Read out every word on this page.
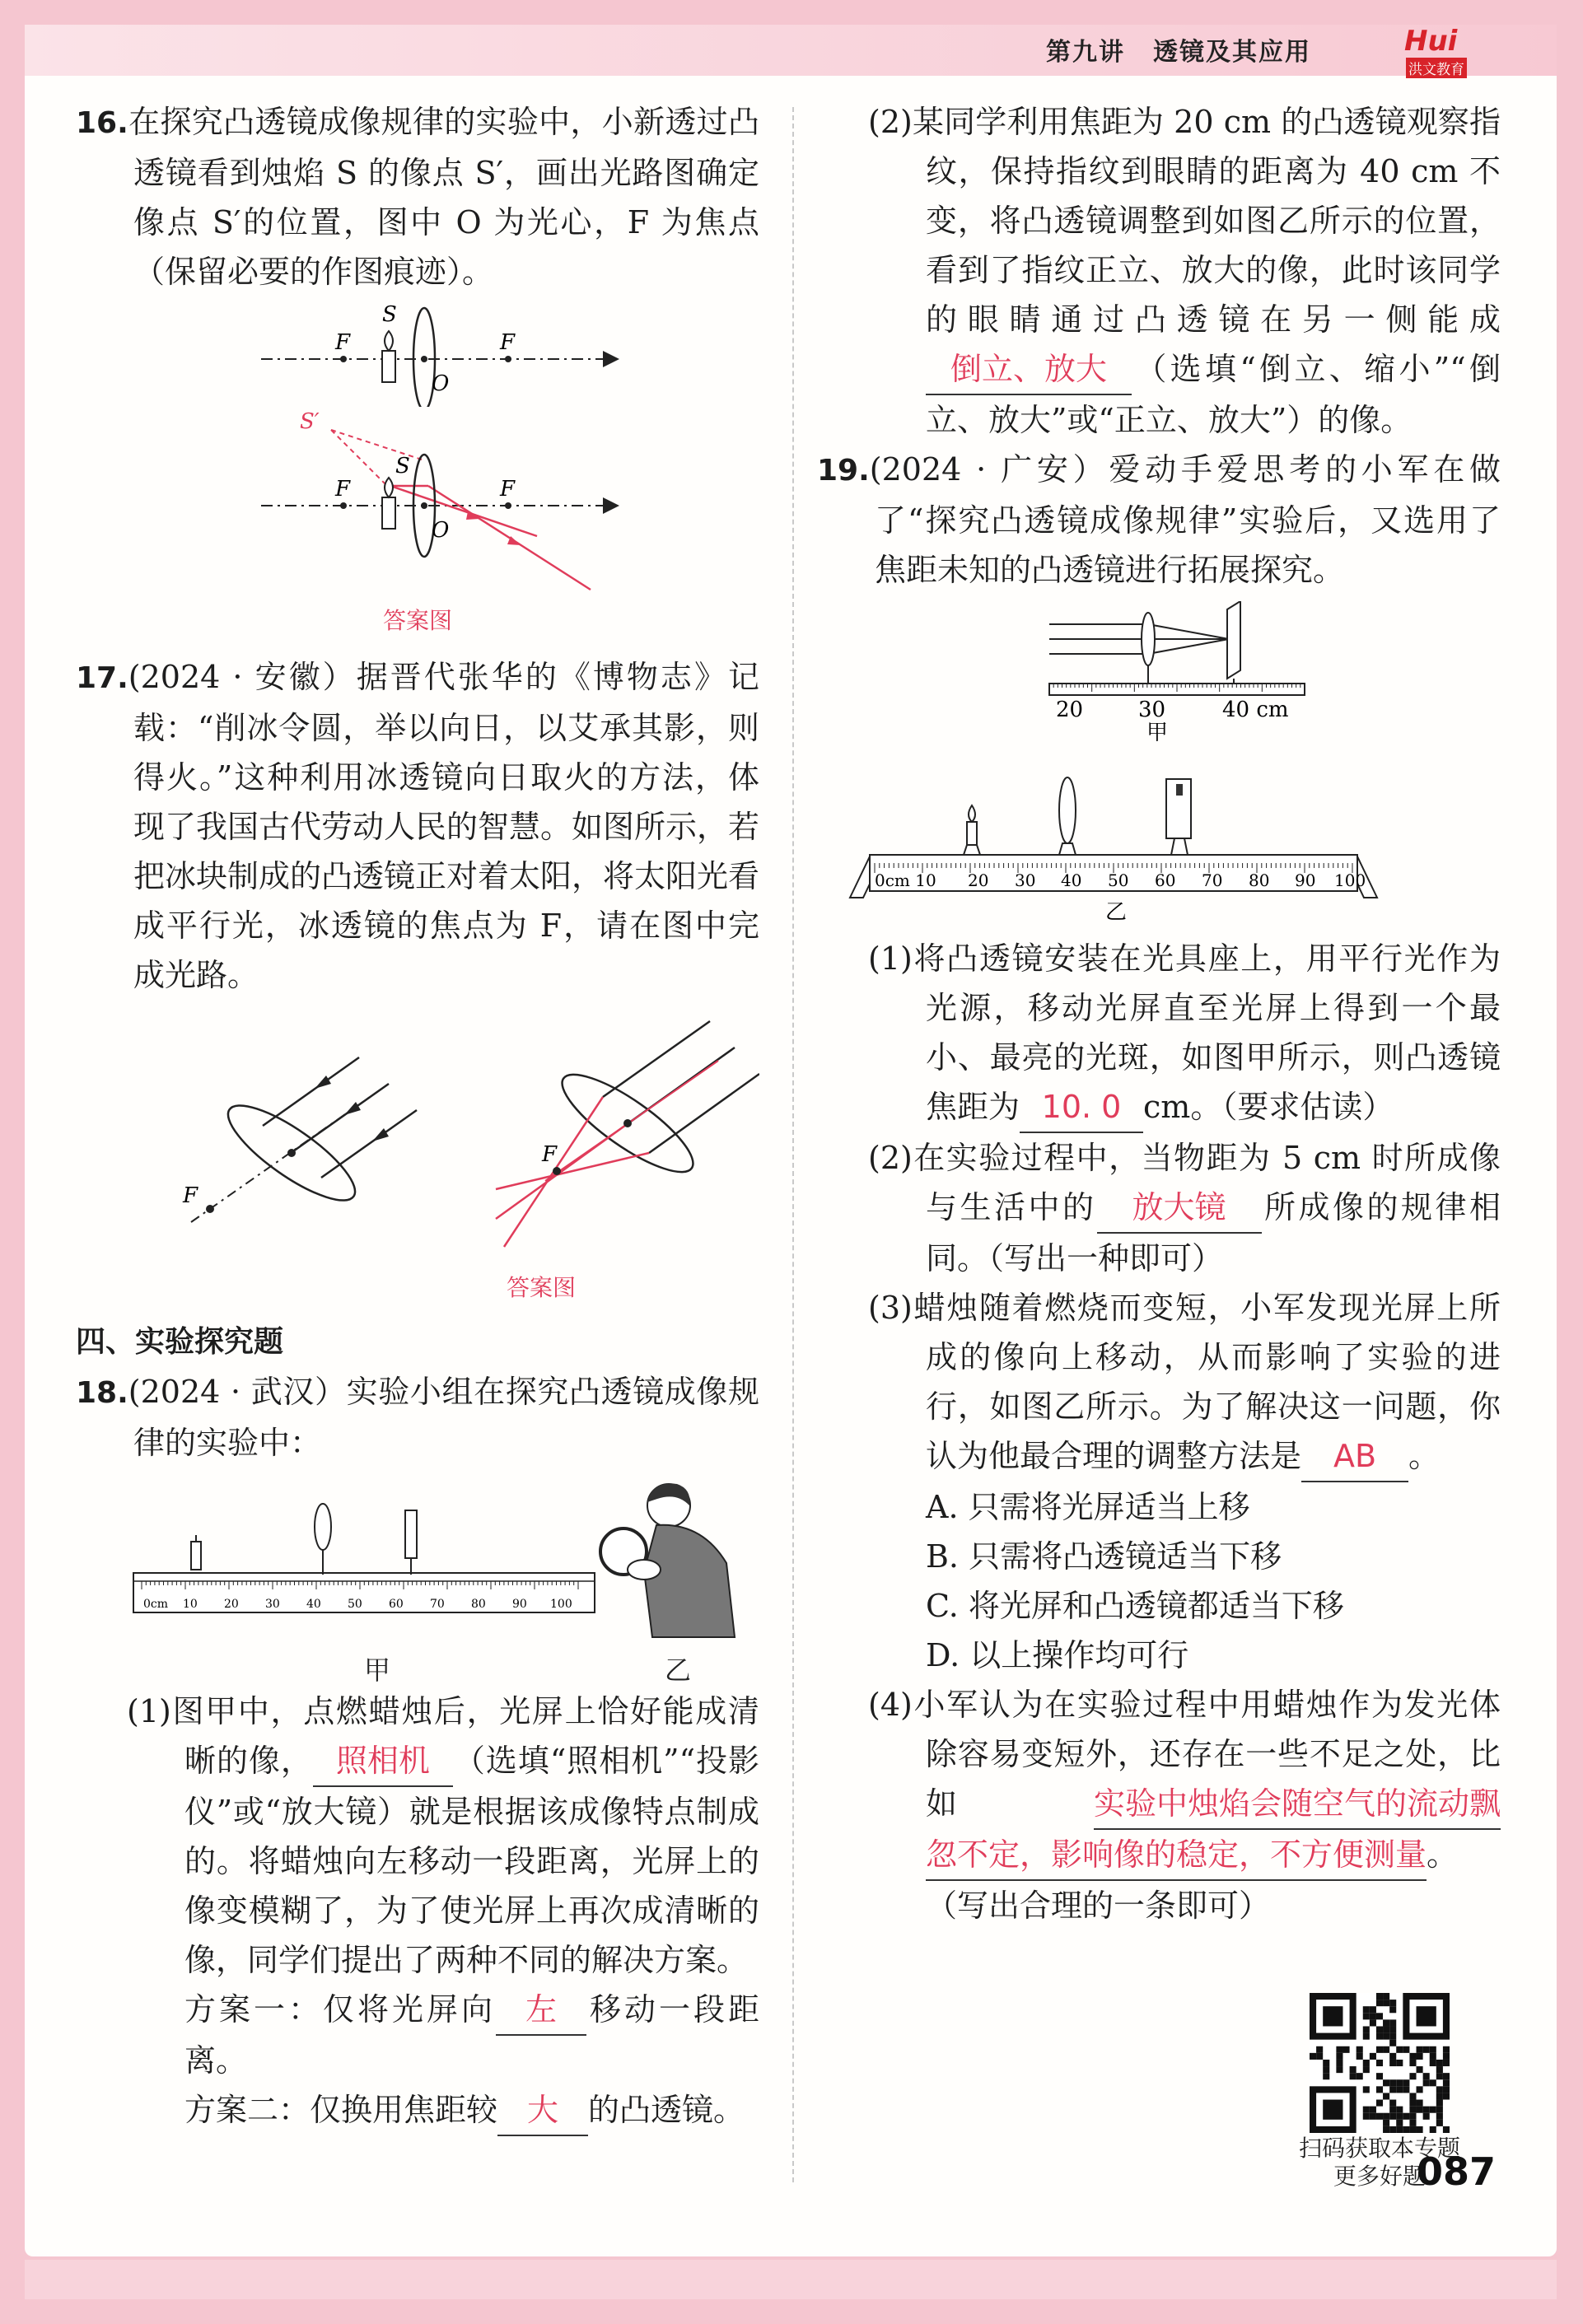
第九讲 透镜及其应用	Hui
洪文教育

16.在探究凸透镜成像规律的实验中，小新透过凸透镜看到烛焰 S 的像点 S′，画出光路图确定像点 S′的位置，图中 O 为光心，F 为焦点（保留必要的作图痕迹）。

S
F	F
O
S′
S
F	F
O

答案图

17.(2024 · 安徽）据晋代张华的《博物志》记载：“削冰令圆，举以向日，以艾承其影，则得火。”这种利用冰透镜向日取火的方法，体现了我国古代劳动人民的智慧。如图所示，若把冰块制成的凸透镜正对着太阳，将太阳光看成平行光，冰透镜的焦点为 F，请在图中完成光路。

F
F

答案图

四、实验探究题

18.(2024 · 武汉）实验小组在探究凸透镜成像规律的实验中：

0cm 10 20 30 40 50 60 70 80 90 100
甲	乙

(1)图甲中，点燃蜡烛后，光屏上恰好能成清晰的像， 照相机 （选填“照相机”“投影仪”或“放大镜）就是根据该成像特点制成的。将蜡烛向左移动一段距离，光屏上的像变模糊了，为了使光屏上再次成清晰的像，同学们提出了两种不同的解决方案。

方案一：仅将光屏向 左 移动一段距离。

方案二：仅换用焦距较 大 的凸透镜。

(2)某同学利用焦距为 20 cm 的凸透镜观察指纹，保持指纹到眼睛的距离为 40 cm 不变，将凸透镜调整到如图乙所示的位置，看到了指纹正立、放大的像，此时该同学的眼睛通过凸透镜在另一侧能成倒立、放大 （选填“倒立、缩小”“倒立、放大”或“正立、放大”）的像。

19.(2024 · 广安）爱动手爱思考的小军在做了“探究凸透镜成像规律”实验后，又选用了焦距未知的凸透镜进行拓展探究。

20	30	40 cm
甲
0cm 10 20 30 40 50 60 70 80 90 100
乙

(1)将凸透镜安装在光具座上，用平行光作为光源，移动光屏直至光屏上得到一个最小、最亮的光斑，如图甲所示，则凸透镜焦距为 10. 0 cm。（要求估读）

(2)在实验过程中，当物距为 5 cm 时所成像与生活中的 放大镜 所成像的规律相同。（写出一种即可）

(3)蜡烛随着燃烧而变短，小军发现光屏上所成的像向上移动，从而影响了实验的进行，如图乙所示。为了解决这一问题，你认为他最合理的调整方法是 AB 。

A. 只需将光屏适当上移

B. 只需将凸透镜适当下移

C. 将光屏和凸透镜都适当下移

D. 以上操作均可行

(4)小军认为在实验过程中用蜡烛作为发光体除容易变短外，还存在一些不足之处，比如实验中烛焰会随空气的流动飘忽不定，影响像的稳定，不方便测量。

（写出合理的一条即可）

扫码获取本专题
更多好题
087
